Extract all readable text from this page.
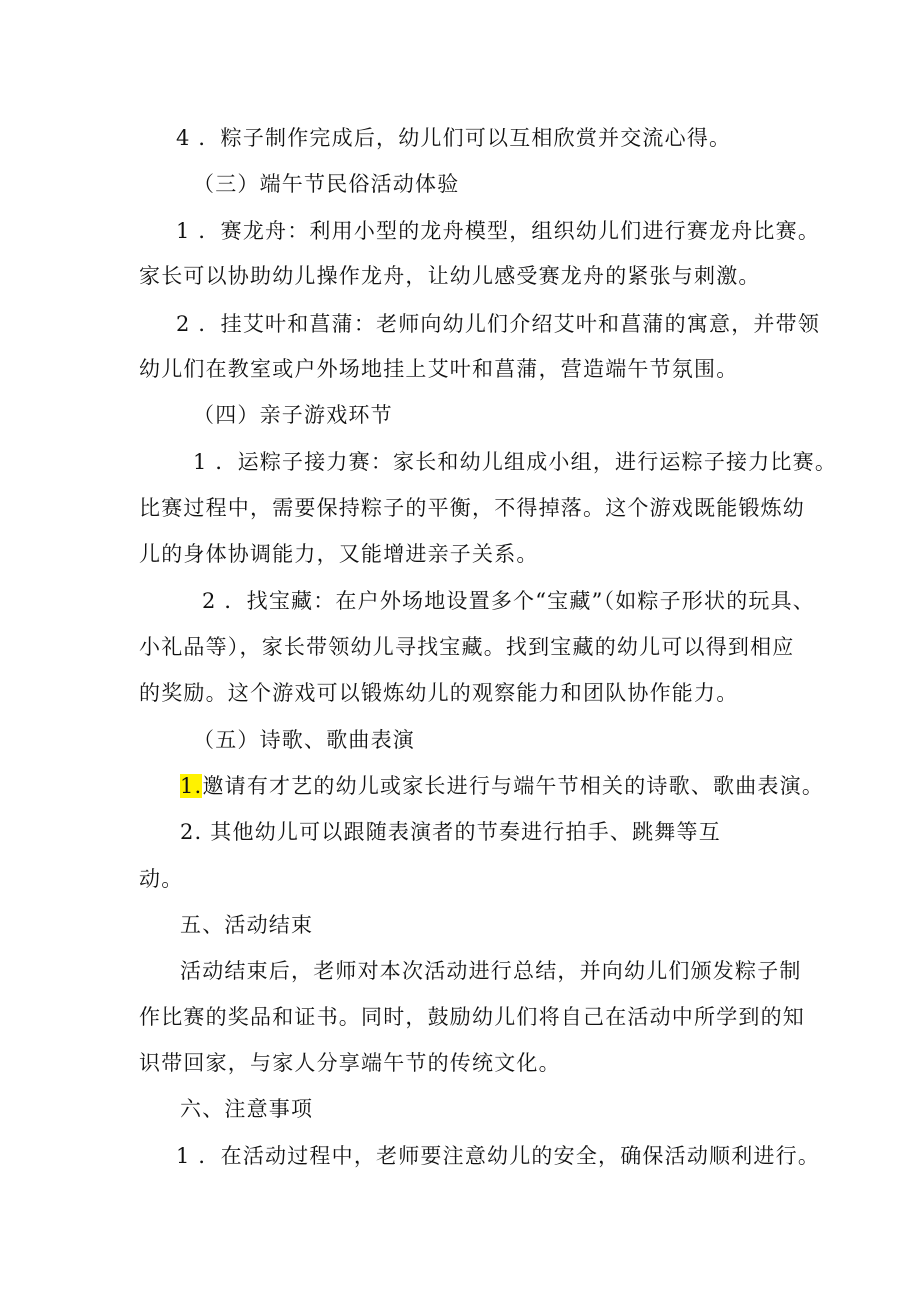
4 ．粽子制作完成后，幼儿们可以互相欣赏并交流心得。
（三）端午节民俗活动体验
1 ．赛龙舟：利用小型的龙舟模型，组织幼儿们进行赛龙舟比赛。
家长可以协助幼儿操作龙舟，让幼儿感受赛龙舟的紧张与刺激。
2 ．挂艾叶和菖蒲：老师向幼儿们介绍艾叶和菖蒲的寓意，并带领
幼儿们在教室或户外场地挂上艾叶和菖蒲，营造端午节氛围。
（四）亲子游戏环节
1 ．运粽子接力赛：家长和幼儿组成小组，进行运粽子接力比赛。
比赛过程中，需要保持粽子的平衡，不得掉落。这个游戏既能锻炼幼
儿的身体协调能力，又能增进亲子关系。
2 ．找宝藏：在户外场地设置多个“宝藏”（如粽子形状的玩具、
小礼品等），家长带领幼儿寻找宝藏。找到宝藏的幼儿可以得到相应
的奖励。这个游戏可以锻炼幼儿的观察能力和团队协作能力。
（五）诗歌、歌曲表演
1.邀请有才艺的幼儿或家长进行与端午节相关的诗歌、歌曲表演。
2. 其他幼儿可以跟随表演者的节奏进行拍手、跳舞等互
动。
五、活动结束
活动结束后，老师对本次活动进行总结，并向幼儿们颁发粽子制
作比赛的奖品和证书。同时，鼓励幼儿们将自己在活动中所学到的知
识带回家，与家人分享端午节的传统文化。
六、注意事项
1 ．在活动过程中，老师要注意幼儿的安全，确保活动顺利进行。
